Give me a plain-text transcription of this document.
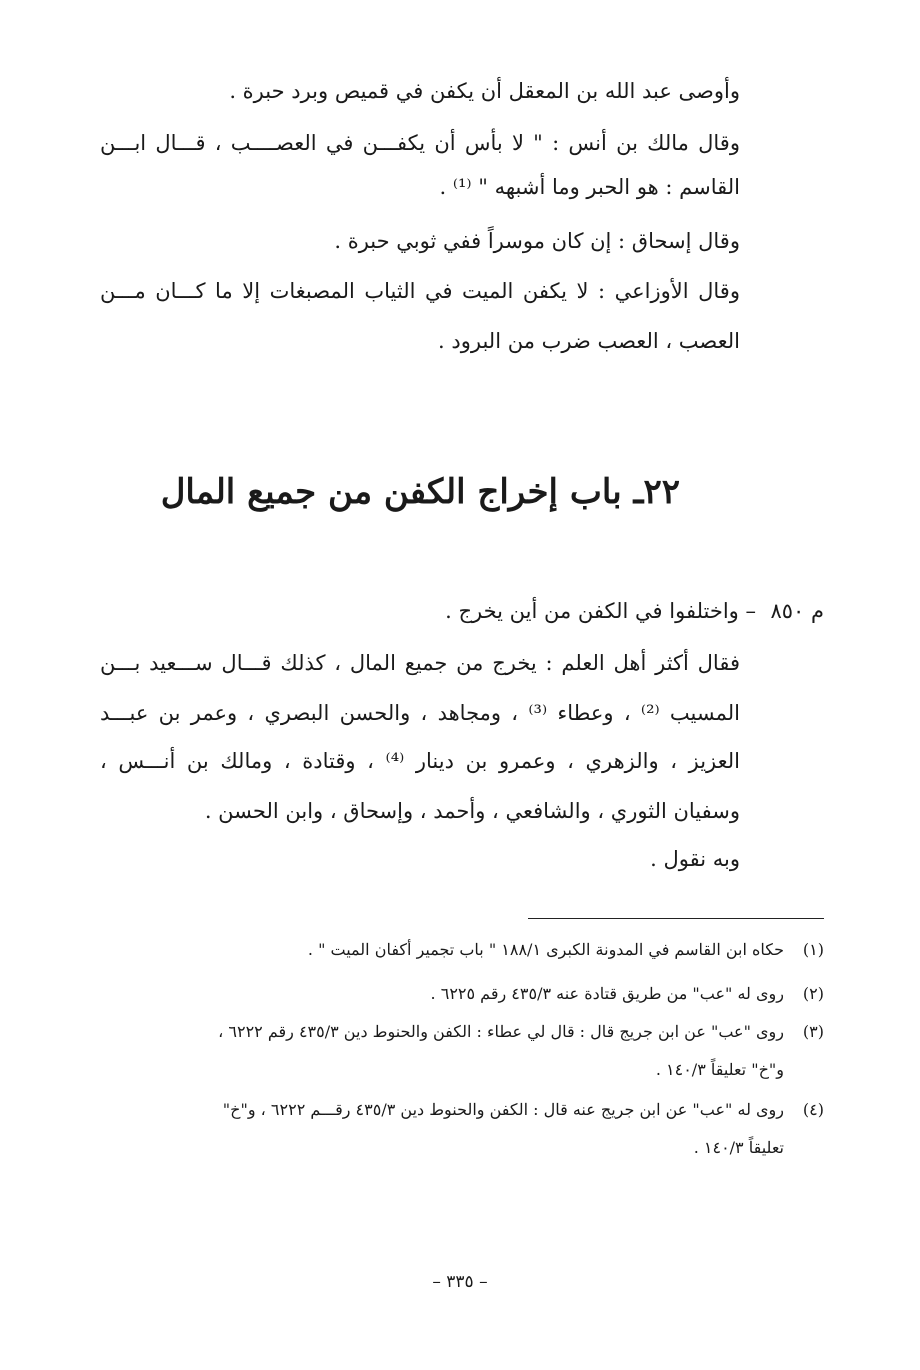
وأوصى عبد الله بن المعقل أن يكفن في قميص وبرد حبرة .
وقال مالك بن أنس : " لا بأس أن يكفـــن في العصــــب ، قـــال ابـــن
القاسم : هو الحبر وما أشبهه " ⁽¹⁾ .
وقال إسحاق : إن كان موسراً ففي ثوبي حبرة .
وقال الأوزاعي : لا يكفن الميت في الثياب المصبغات إلا ما كـــان مـــن
العصب ، العصب ضرب من البرود .
٢٢ـ باب إخراج الكفن من جميع المال
م ٨٥٠
– واختلفوا في الكفن من أين يخرج .
فقال أكثر أهل العلم : يخرج من جميع المال ، كذلك قـــال ســـعيد بـــن
المسيب ⁽²⁾ ، وعطاء ⁽³⁾ ، ومجاهد ، والحسن البصري ، وعمر بن عبـــد
العزيز ، والزهري ، وعمرو بن دينار ⁽⁴⁾ ، وقتادة ، ومالك بن أنـــس ،
وسفيان الثوري ، والشافعي ، وأحمد ، وإسحاق ، وابن الحسن .
وبه نقول .
(١)
حكاه ابن القاسم في المدونة الكبرى ١٨٨/١ " باب تجمير أكفان الميت " .
(٢)
روى له "عب" من طريق قتادة عنه ٤٣٥/٣ رقم ٦٢٢٥ .
(٣)
روى "عب" عن ابن جريج قال : قال لي عطاء : الكفن والحنوط دين ٤٣٥/٣ رقم ٦٢٢٢ ،
و"خ" تعليقاً ١٤٠/٣ .
(٤)
روى له "عب" عن ابن جريج عنه قال : الكفن والحنوط دين ٤٣٥/٣ رقـــم ٦٢٢٢ ، و"خ"
تعليقاً ١٤٠/٣ .
– ٣٣٥ –
